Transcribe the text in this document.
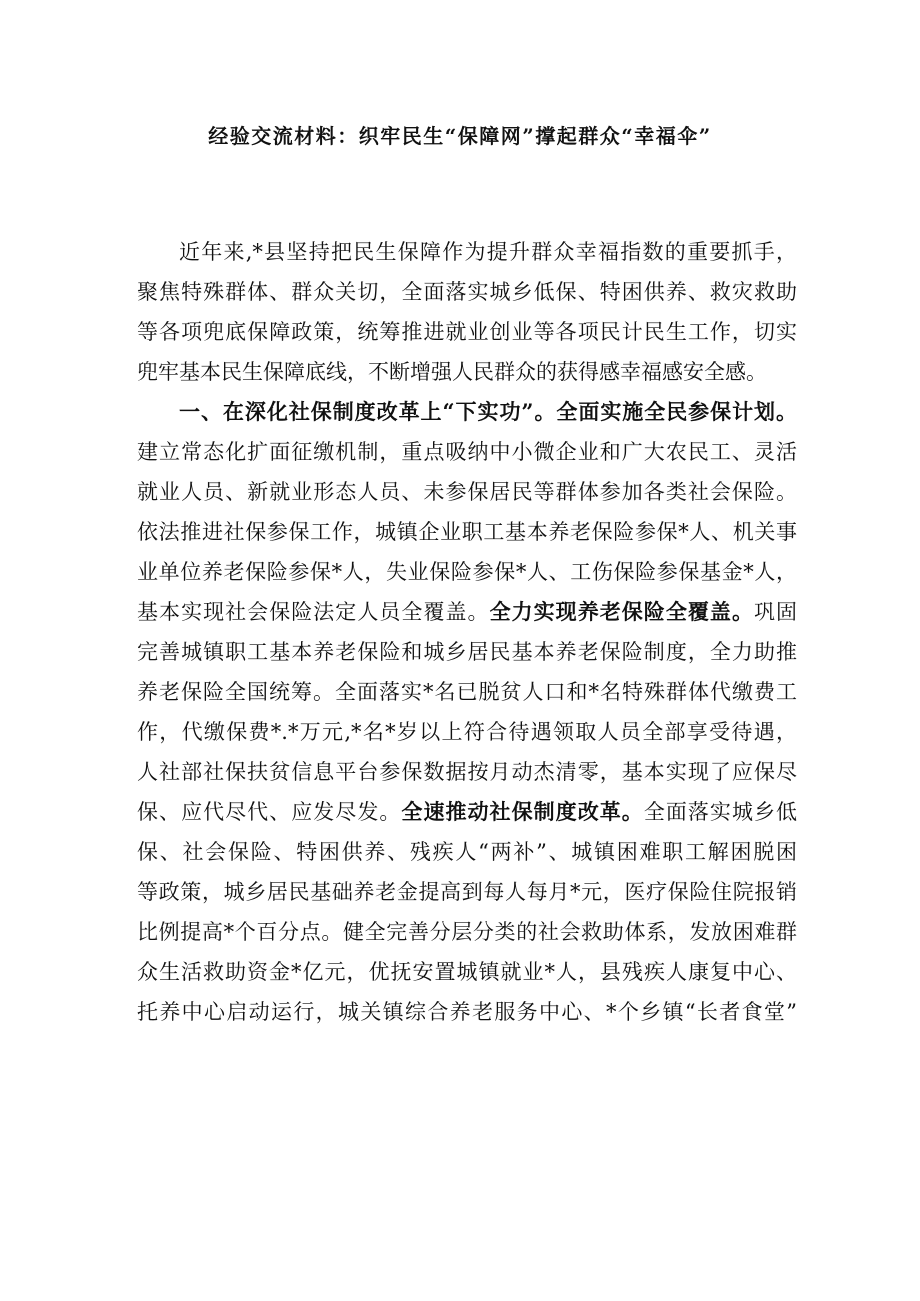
经验交流材料：织牢民生“保障网”撑起群众“幸福伞”
近年来,*县坚持把民生保障作为提升群众幸福指数的重要抓手，
聚焦特殊群体、群众关切，全面落实城乡低保、特困供养、救灾救助
等各项兜底保障政策，统筹推进就业创业等各项民计民生工作，切实
兜牢基本民生保障底线，不断增强人民群众的获得感幸福感安全感。
一、在深化社保制度改革上“下实功”。全面实施全民参保计划。
建立常态化扩面征缴机制，重点吸纳中小微企业和广大农民工、灵活
就业人员、新就业形态人员、未参保居民等群体参加各类社会保险。
依法推进社保参保工作，城镇企业职工基本养老保险参保*人、机关事
业单位养老保险参保*人，失业保险参保*人、工伤保险参保基金*人，
基本实现社会保险法定人员全覆盖。全力实现养老保险全覆盖。巩固
完善城镇职工基本养老保险和城乡居民基本养老保险制度，全力助推
养老保险全国统筹。全面落实*名已脱贫人口和*名特殊群体代缴费工
作，代缴保费*.*万元,*名*岁以上符合待遇领取人员全部享受待遇，
人社部社保扶贫信息平台参保数据按月动杰清零，基本实现了应保尽
保、应代尽代、应发尽发。全速推动社保制度改革。全面落实城乡低
保、社会保险、特困供养、残疾人“两补”、城镇困难职工解困脱困
等政策，城乡居民基础养老金提高到每人每月*元，医疗保险住院报销
比例提高*个百分点。健全完善分层分类的社会救助体系，发放困难群
众生活救助资金*亿元，优抚安置城镇就业*人，县残疾人康复中心、
托养中心启动运行，城关镇综合养老服务中心、*个乡镇“长者食堂”
